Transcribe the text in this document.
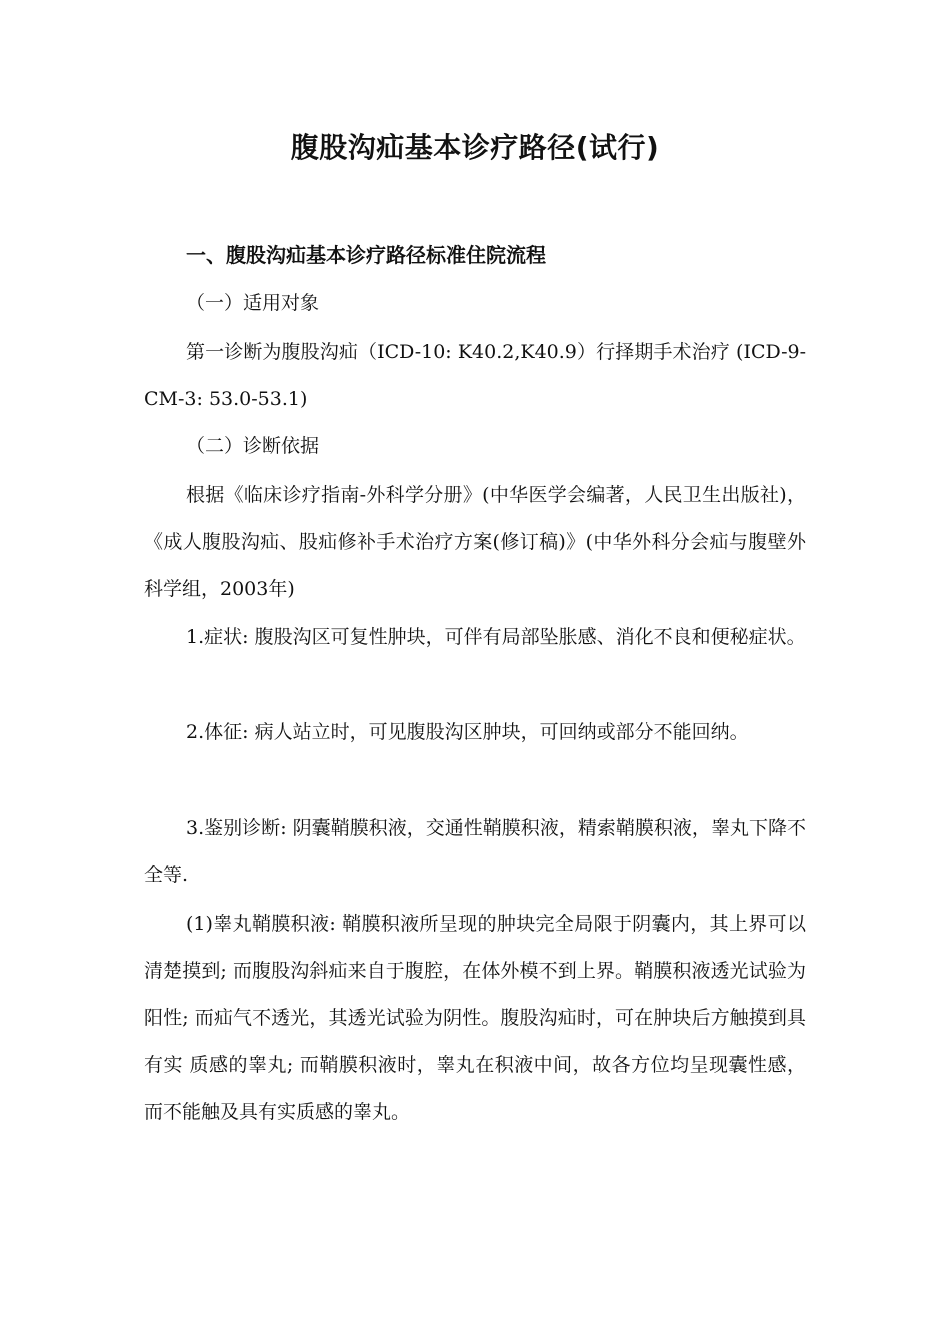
腹股沟疝基本诊疗路径(试行)
一、腹股沟疝基本诊疗路径标准住院流程

（一）适用对象

第一诊断为腹股沟疝（ICD-10: K40.2,K40.9）行择期手术治疗 (ICD-9-CM-3: 53.0-53.1)

（二）诊断依据

根据《临床诊疗指南-外科学分册》(中华医学会编著，人民卫生出版社)，《成人腹股沟疝、股疝修补手术治疗方案(修订稿)》(中华外科分会疝与腹壁外科学组，2003年)

1.症状: 腹股沟区可复性肿块，可伴有局部坠胀感、消化不良和便秘症状。

2.体征: 病人站立时，可见腹股沟区肿块，可回纳或部分不能回纳。

3.鉴别诊断: 阴囊鞘膜积液，交通性鞘膜积液，精索鞘膜积液，睾丸下降不全等.

(1)睾丸鞘膜积液: 鞘膜积液所呈现的肿块完全局限于阴囊内，其上界可以 清楚摸到; 而腹股沟斜疝来自于腹腔，在体外模不到上界。鞘膜积液透光试验为阳性; 而疝气不透光，其透光试验为阴性。腹股沟疝时，可在肿块后方触摸到具有实 质感的睾丸; 而鞘膜积液时，睾丸在积液中间，故各方位均呈现囊性感，而不能触及具有实质感的睾丸。
